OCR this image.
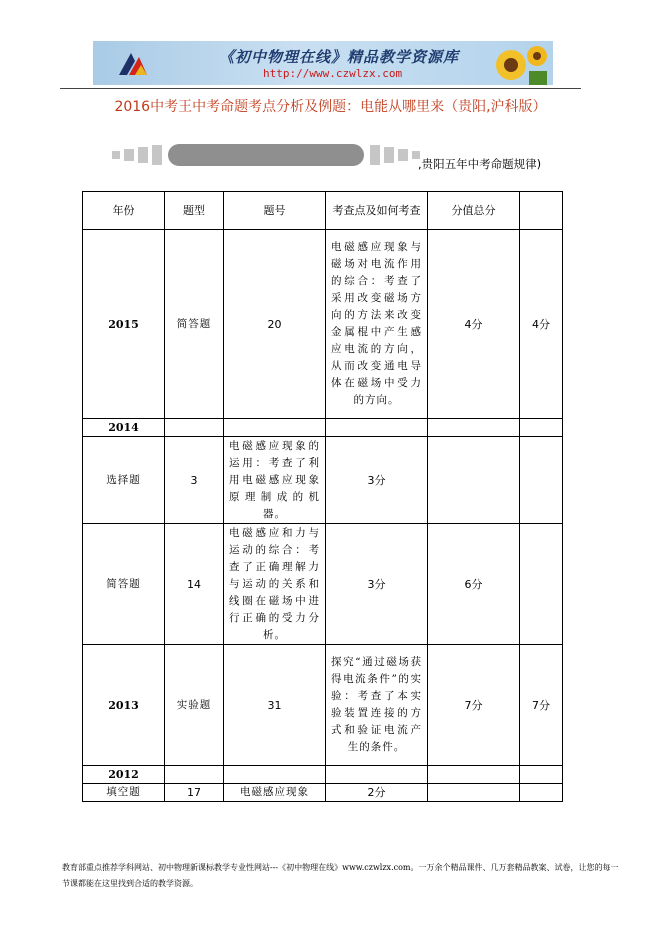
《初中物理在线》精品教学资源库
http://www.czwlzx.com
2016中考王中考命题考点分析及例题：电能从哪里来（贵阳,沪科版）
,贵阳五年中考命题规律)
年份	题型	题号	考查点及如何考查	分值总分	
2015	简答题	20	电磁感应现象与磁场对电流作用的综合：考查了采用改变磁场方向的方法来改变金属棍中产生感应电流的方向，从而改变通电导体在磁场中受力的方向。	4分	4分
2014					
选择题	3	电磁感应现象的运用：考查了利用电磁感应现象原理制成的机器。	3分		
简答题	14	电磁感应和力与运动的综合：考查了正确理解力与运动的关系和线圈在磁场中进行正确的受力分析。	3分	6分	
2013	实验题	31	探究“通过磁场获得电流条件”的实验：考查了本实验装置连接的方式和验证电流产生的条件。	7分	7分
2012					
填空题	17	电磁感应现象	2分		
教育部重点推荐学科网站、初中物理新课标教学专业性网站---《初中物理在线》www.czwlzx.com。一万余个精品课件、几万套精品教案、试卷，让您的每一节课都能在这里找到合适的教学资源。
